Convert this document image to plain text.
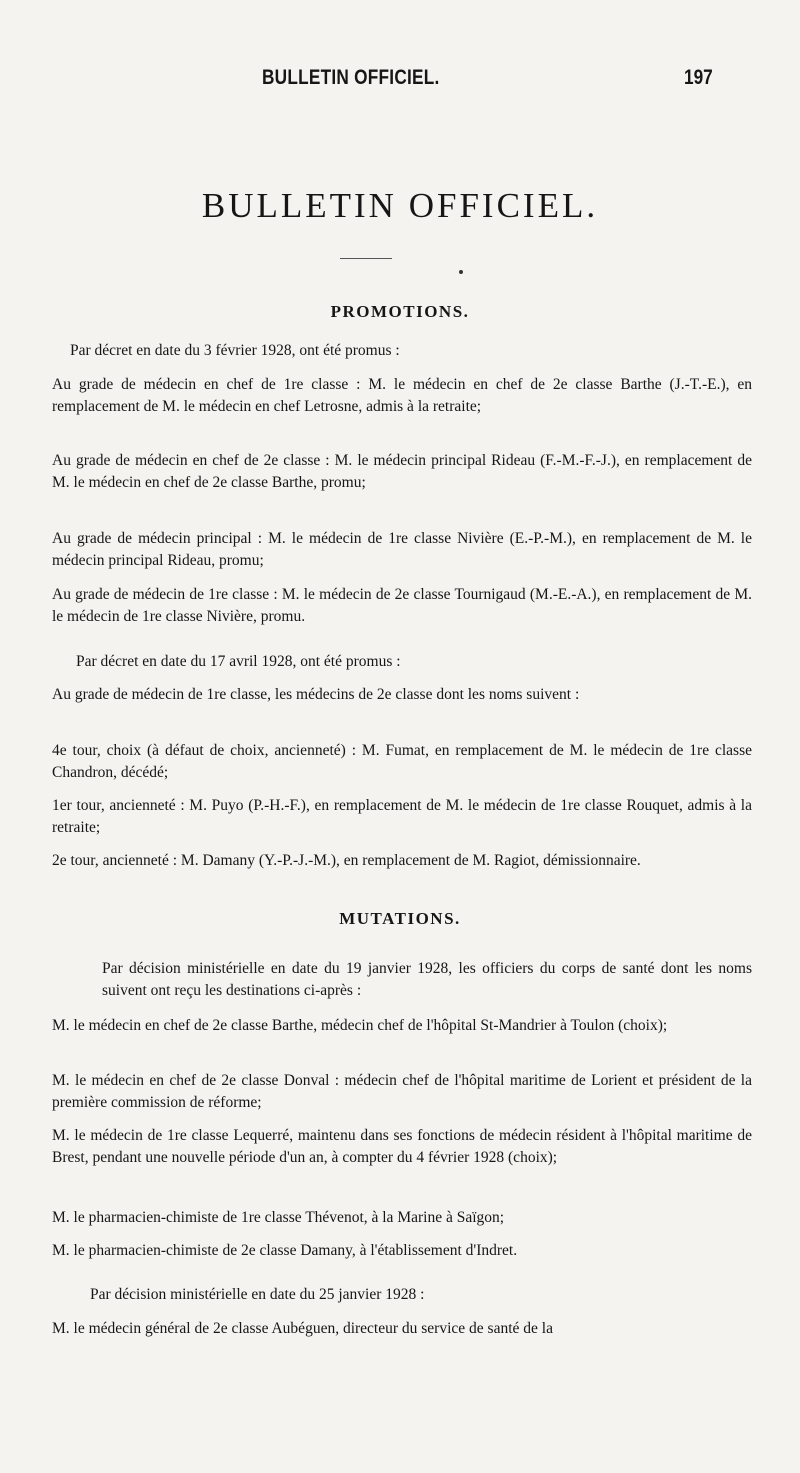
BULLETIN OFFICIEL.	197
BULLETIN OFFICIEL.
PROMOTIONS.
Par décret en date du 3 février 1928, ont été promus :
Au grade de médecin en chef de 1re classe : M. le médecin en chef de 2e classe Barthe (J.-T.-E.), en remplacement de M. le médecin en chef Letrosne, admis à la retraite;
Au grade de médecin en chef de 2e classe : M. le médecin principal Rideau (F.-M.-F.-J.), en remplacement de M. le médecin en chef de 2e classe Barthe, promu;
Au grade de médecin principal : M. le médecin de 1re classe Nivière (E.-P.-M.), en remplacement de M. le médecin principal Rideau, promu;
Au grade de médecin de 1re classe : M. le médecin de 2e classe Tournigaud (M.-E.-A.), en remplacement de M. le médecin de 1re classe Nivière, promu.
Par décret en date du 17 avril 1928, ont été promus :
Au grade de médecin de 1re classe, les médecins de 2e classe dont les noms suivent :
4e tour, choix (à défaut de choix, ancienneté) : M. Fumat, en remplacement de M. le médecin de 1re classe Chandron, décédé;
1er tour, ancienneté : M. Puyo (P.-H.-F.), en remplacement de M. le médecin de 1re classe Rouquet, admis à la retraite;
2e tour, ancienneté : M. Damany (Y.-P.-J.-M.), en remplacement de M. Ragiot, démissionnaire.
MUTATIONS.
Par décision ministérielle en date du 19 janvier 1928, les officiers du corps de santé dont les noms suivent ont reçu les destinations ci-après :
M. le médecin en chef de 2e classe Barthe, médecin chef de l'hôpital St-Mandrier à Toulon (choix);
M. le médecin en chef de 2e classe Donval : médecin chef de l'hôpital maritime de Lorient et président de la première commission de réforme;
M. le médecin de 1re classe Lequerré, maintenu dans ses fonctions de médecin résident à l'hôpital maritime de Brest, pendant une nouvelle période d'un an, à compter du 4 février 1928 (choix);
M. le pharmacien-chimiste de 1re classe Thévenot, à la Marine à Saïgon;
M. le pharmacien-chimiste de 2e classe Damany, à l'établissement d'Indret.
Par décision ministérielle en date du 25 janvier 1928 :
M. le médecin général de 2e classe Aubéguen, directeur du service de santé de la
